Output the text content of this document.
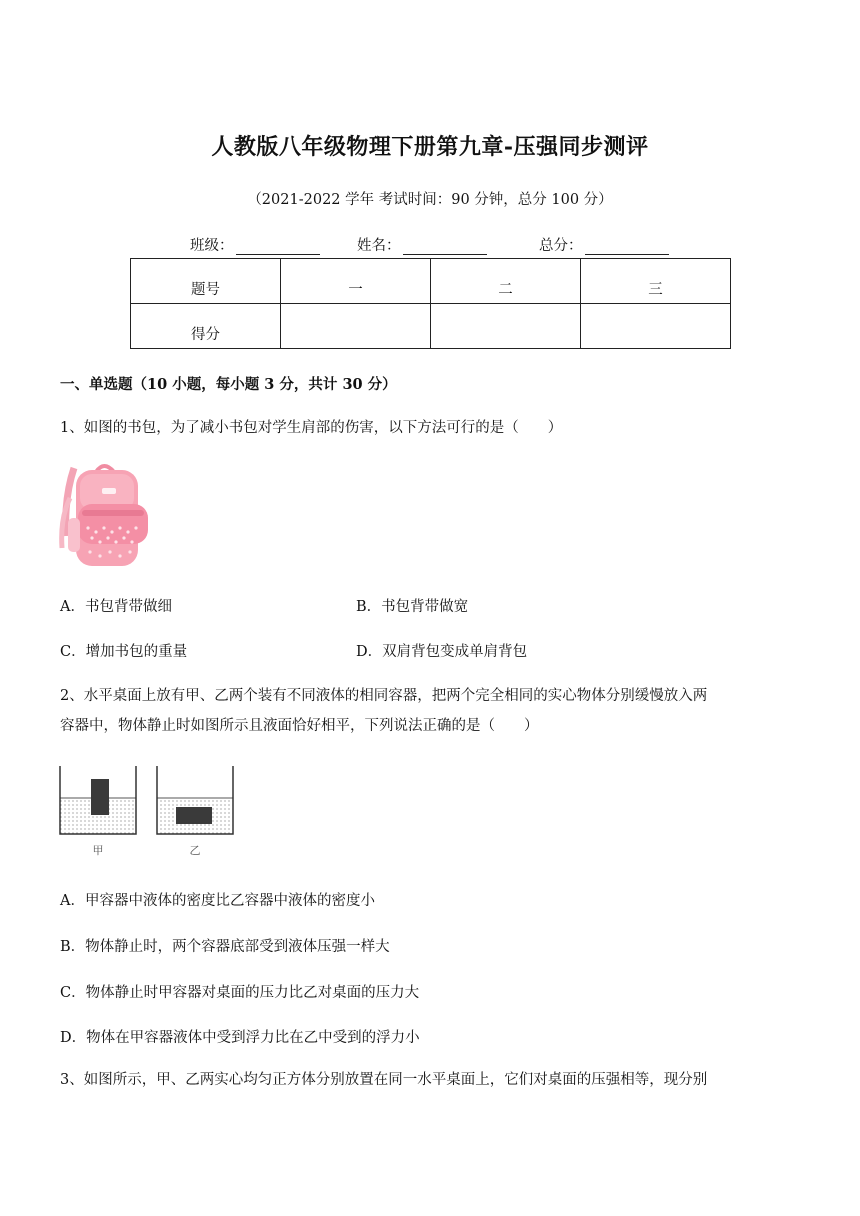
人教版八年级物理下册第九章-压强同步测评
（2021-2022 学年 考试时间：90 分钟，总分 100 分）
班级：	姓名：	总分：
题号	一	二	三
得分			
一、单选题（10 小题，每小题 3 分，共计 30 分）
1、如图的书包，为了减小书包对学生肩部的伤害，以下方法可行的是（　　）
A．书包背带做细	B．书包背带做宽
C．增加书包的重量	D．双肩背包变成单肩背包
2、水平桌面上放有甲、乙两个装有不同液体的相同容器，把两个完全相同的实心物体分别缓慢放入两
容器中，物体静止时如图所示且液面恰好相平，下列说法正确的是（　　）
甲	乙
A．甲容器中液体的密度比乙容器中液体的密度小
B．物体静止时，两个容器底部受到液体压强一样大
C．物体静止时甲容器对桌面的压力比乙对桌面的压力大
D．物体在甲容器液体中受到浮力比在乙中受到的浮力小
3、如图所示，甲、乙两实心均匀正方体分别放置在同一水平桌面上，它们对桌面的压强相等，现分别
